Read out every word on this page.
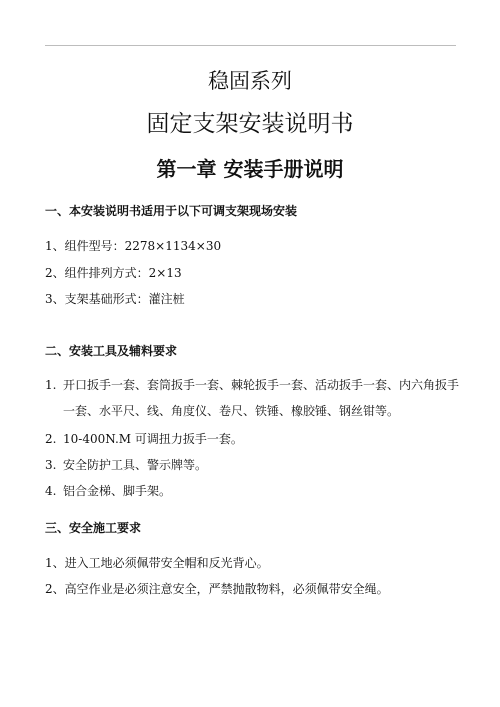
稳固系列
固定支架安装说明书
第一章 安装手册说明
一、本安装说明书适用于以下可调支架现场安装
1、组件型号：2278×1134×30
2、组件排列方式：2×13
3、支架基础形式：灌注桩
二、安装工具及辅料要求
1. 开口扳手一套、套筒扳手一套、棘轮扳手一套、活动扳手一套、内六角扳手
一套、水平尺、线、角度仪、卷尺、铁锤、橡胶锤、钢丝钳等。
2. 10-400N.M 可调扭力扳手一套。
3. 安全防护工具、警示牌等。
4. 铝合金梯、脚手架。
三、安全施工要求
1、进入工地必须佩带安全帽和反光背心。
2、高空作业是必须注意安全，严禁抛散物料，必须佩带安全绳。
